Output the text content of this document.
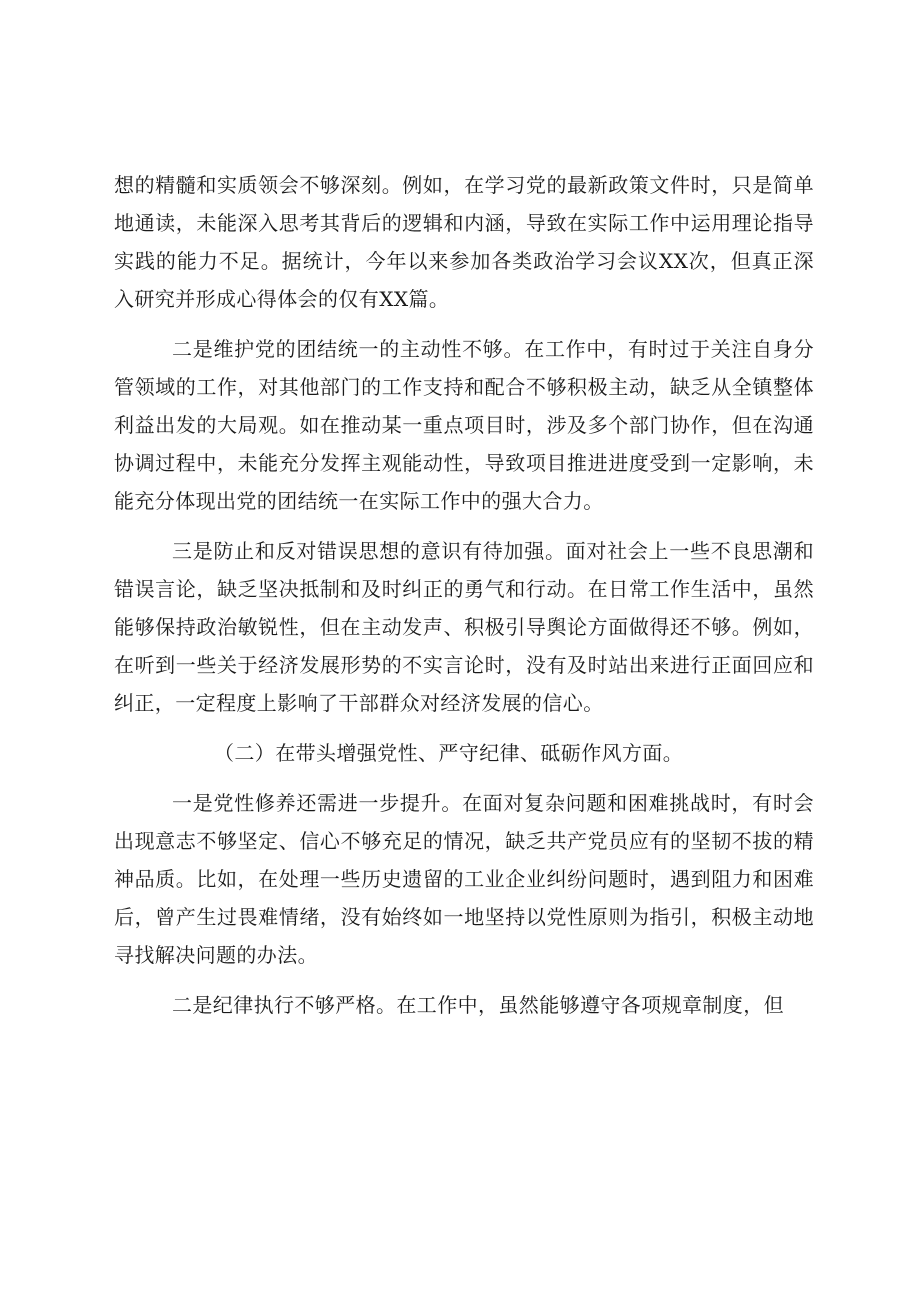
想的精髓和实质领会不够深刻。例如，在学习党的最新政策文件时，只是简单地通读，未能深入思考其背后的逻辑和内涵，导致在实际工作中运用理论指导实践的能力不足。据统计，今年以来参加各类政治学习会议XX次，但真正深入研究并形成心得体会的仅有XX篇。

二是维护党的团结统一的主动性不够。在工作中，有时过于关注自身分管领域的工作，对其他部门的工作支持和配合不够积极主动，缺乏从全镇整体利益出发的大局观。如在推动某一重点项目时，涉及多个部门协作，但在沟通协调过程中，未能充分发挥主观能动性，导致项目推进进度受到一定影响，未能充分体现出党的团结统一在实际工作中的强大合力。

三是防止和反对错误思想的意识有待加强。面对社会上一些不良思潮和错误言论，缺乏坚决抵制和及时纠正的勇气和行动。在日常工作生活中，虽然能够保持政治敏锐性，但在主动发声、积极引导舆论方面做得还不够。例如，在听到一些关于经济发展形势的不实言论时，没有及时站出来进行正面回应和纠正，一定程度上影响了干部群众对经济发展的信心。

（二）在带头增强党性、严守纪律、砥砺作风方面。

一是党性修养还需进一步提升。在面对复杂问题和困难挑战时，有时会出现意志不够坚定、信心不够充足的情况，缺乏共产党员应有的坚韧不拔的精神品质。比如，在处理一些历史遗留的工业企业纠纷问题时，遇到阻力和困难后，曾产生过畏难情绪，没有始终如一地坚持以党性原则为指引，积极主动地寻找解决问题的办法。

二是纪律执行不够严格。在工作中，虽然能够遵守各项规章制度，但
